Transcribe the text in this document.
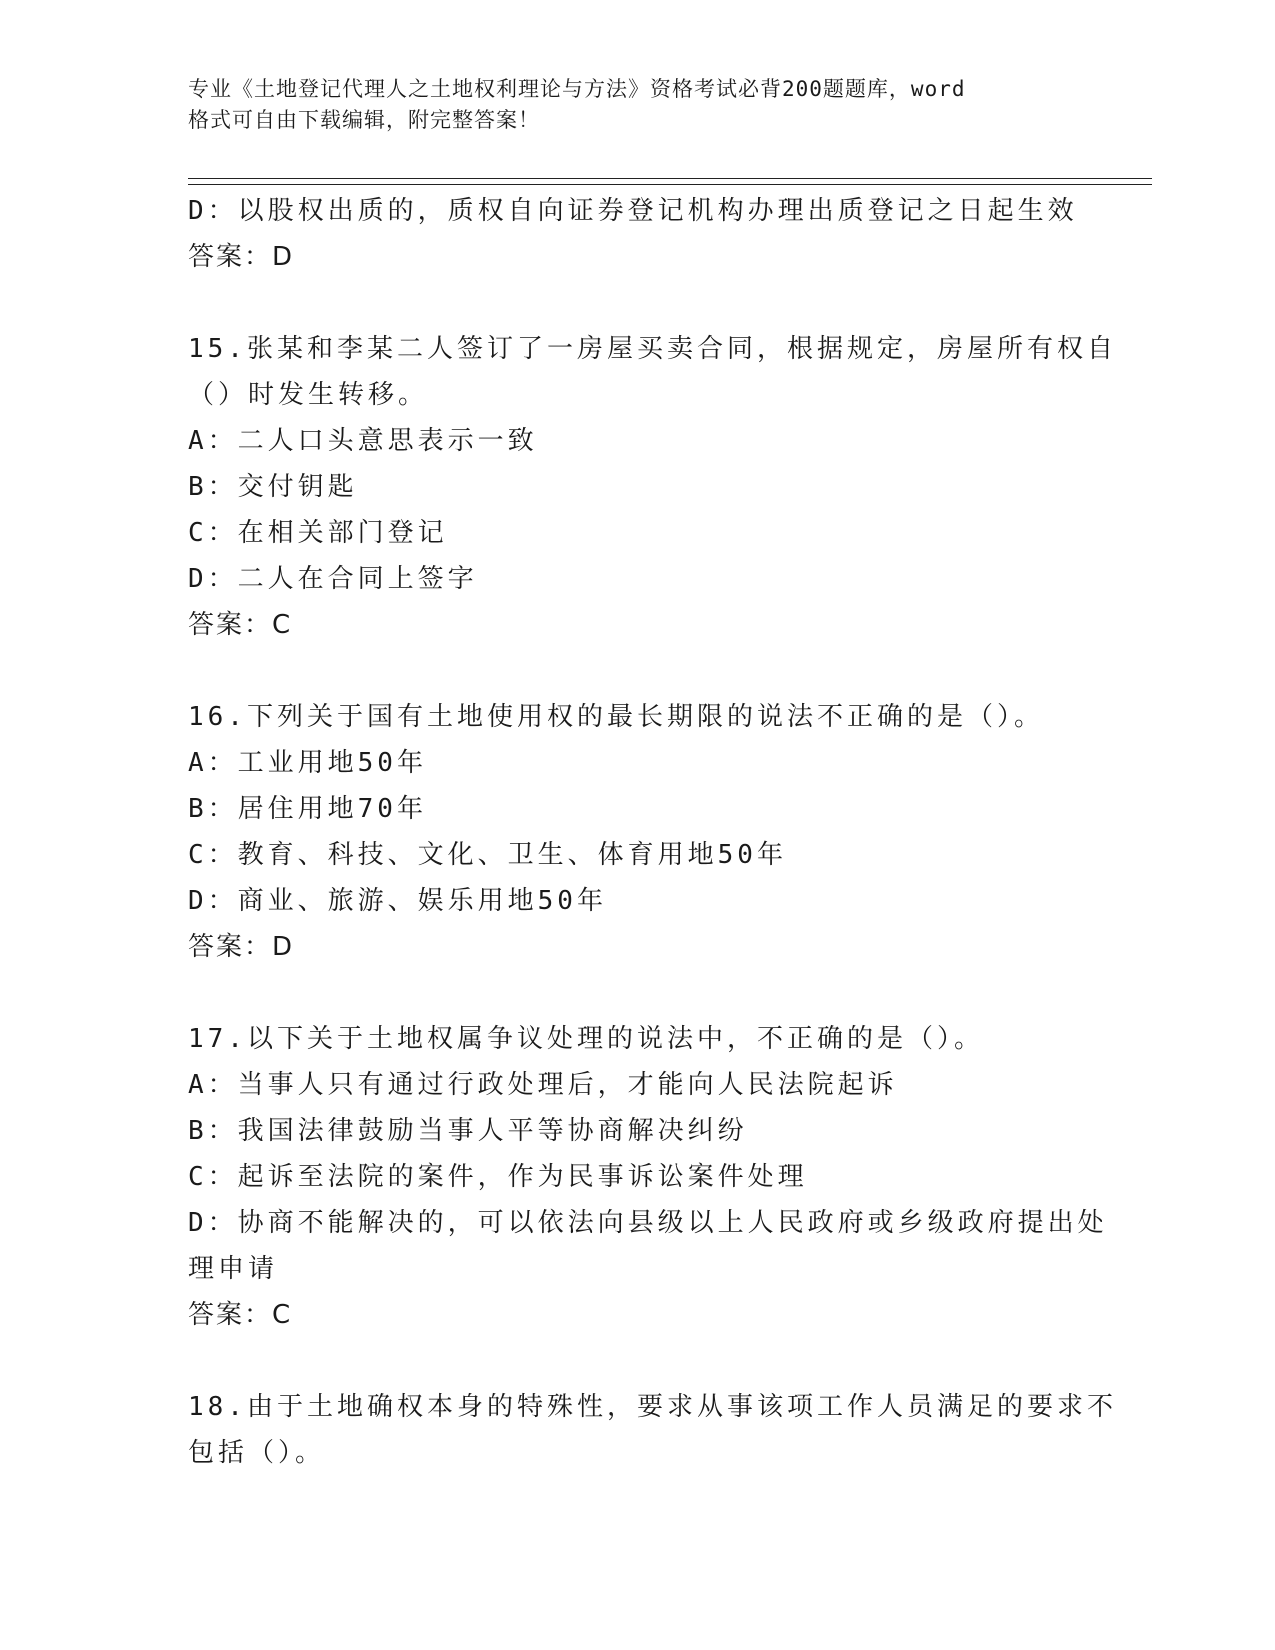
专业《土地登记代理人之土地权利理论与方法》资格考试必背200题题库，word
格式可自由下载编辑，附完整答案！
D：以股权出质的，质权自向证券登记机构办理出质登记之日起生效
答案：D
15.张某和李某二人签订了一房屋买卖合同，根据规定，房屋所有权自
（）时发生转移。
A：二人口头意思表示一致
B：交付钥匙
C：在相关部门登记
D：二人在合同上签字
答案：C
16.下列关于国有土地使用权的最长期限的说法不正确的是（）。
A：工业用地50年
B：居住用地70年
C：教育、科技、文化、卫生、体育用地50年
D：商业、旅游、娱乐用地50年
答案：D
17.以下关于土地权属争议处理的说法中，不正确的是（）。
A：当事人只有通过行政处理后，才能向人民法院起诉
B：我国法律鼓励当事人平等协商解决纠纷
C：起诉至法院的案件，作为民事诉讼案件处理
D：协商不能解决的，可以依法向县级以上人民政府或乡级政府提出处
理申请
答案：C
18.由于土地确权本身的特殊性，要求从事该项工作人员满足的要求不
包括（）。
